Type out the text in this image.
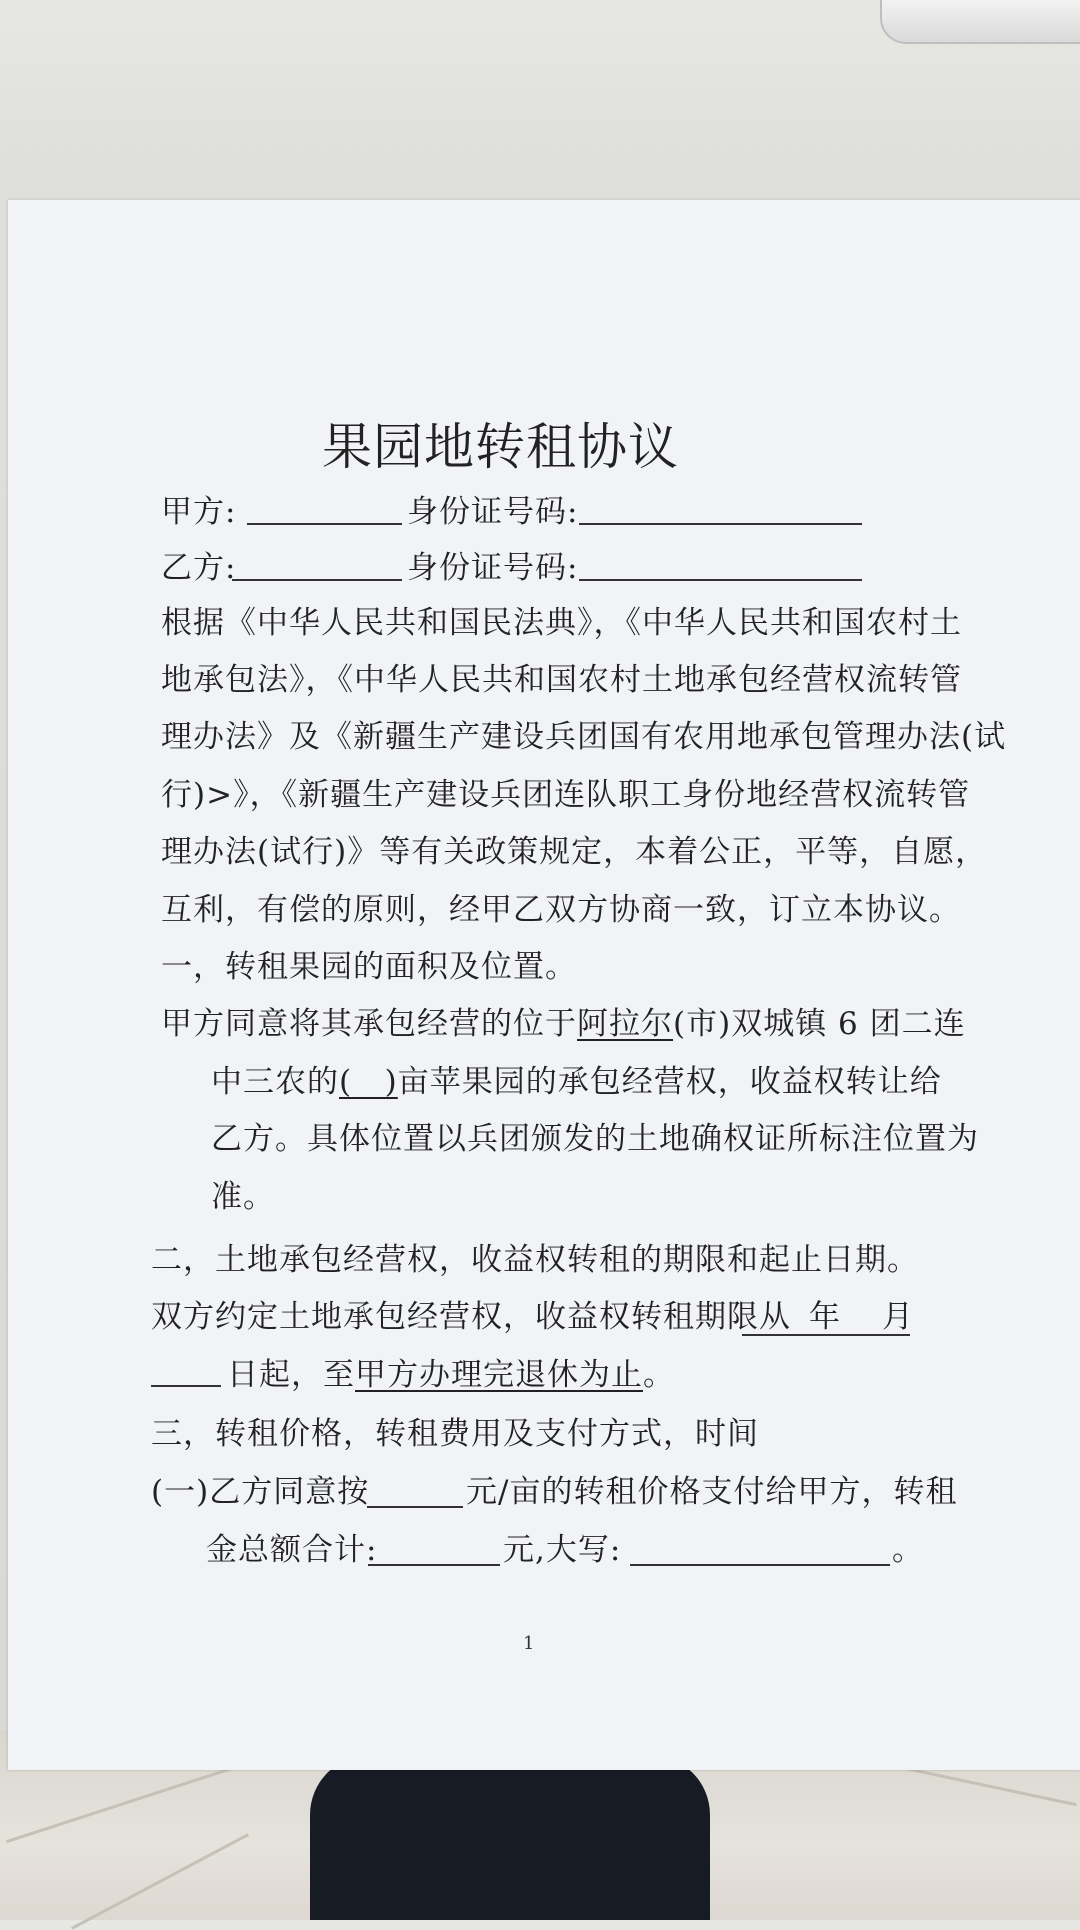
果园地转租协议
甲方:	身份证号码:
乙方:	身份证号码:
根据《中华人民共和国民法典》，《中华人民共和国农村土
地承包法》，《中华人民共和国农村土地承包经营权流转管
理办法》及《新疆生产建设兵团国有农用地承包管理办法(试
行)>》，《新疆生产建设兵团连队职工身份地经营权流转管
理办法(试行)》等有关政策规定，本着公正，平等，自愿，
互利，有偿的原则，经甲乙双方协商一致，订立本协议。
一，转租果园的面积及位置。
甲方同意将其承包经营的位于阿拉尔(市)双城镇 6 团二连
中三农的(   )亩苹果园的承包经营权，收益权转让给
乙方。具体位置以兵团颁发的土地确权证所标注位置为
准。
二，土地承包经营权，收益权转租的期限和起止日期。
双方约定土地承包经营权，收益权转租期限从 年 月
日起，至甲方办理完退休为止。
三，转租价格，转租费用及支付方式，时间
(一)乙方同意按	元/亩的转租价格支付给甲方，转租
金总额合计:	元,大写:	。
1
